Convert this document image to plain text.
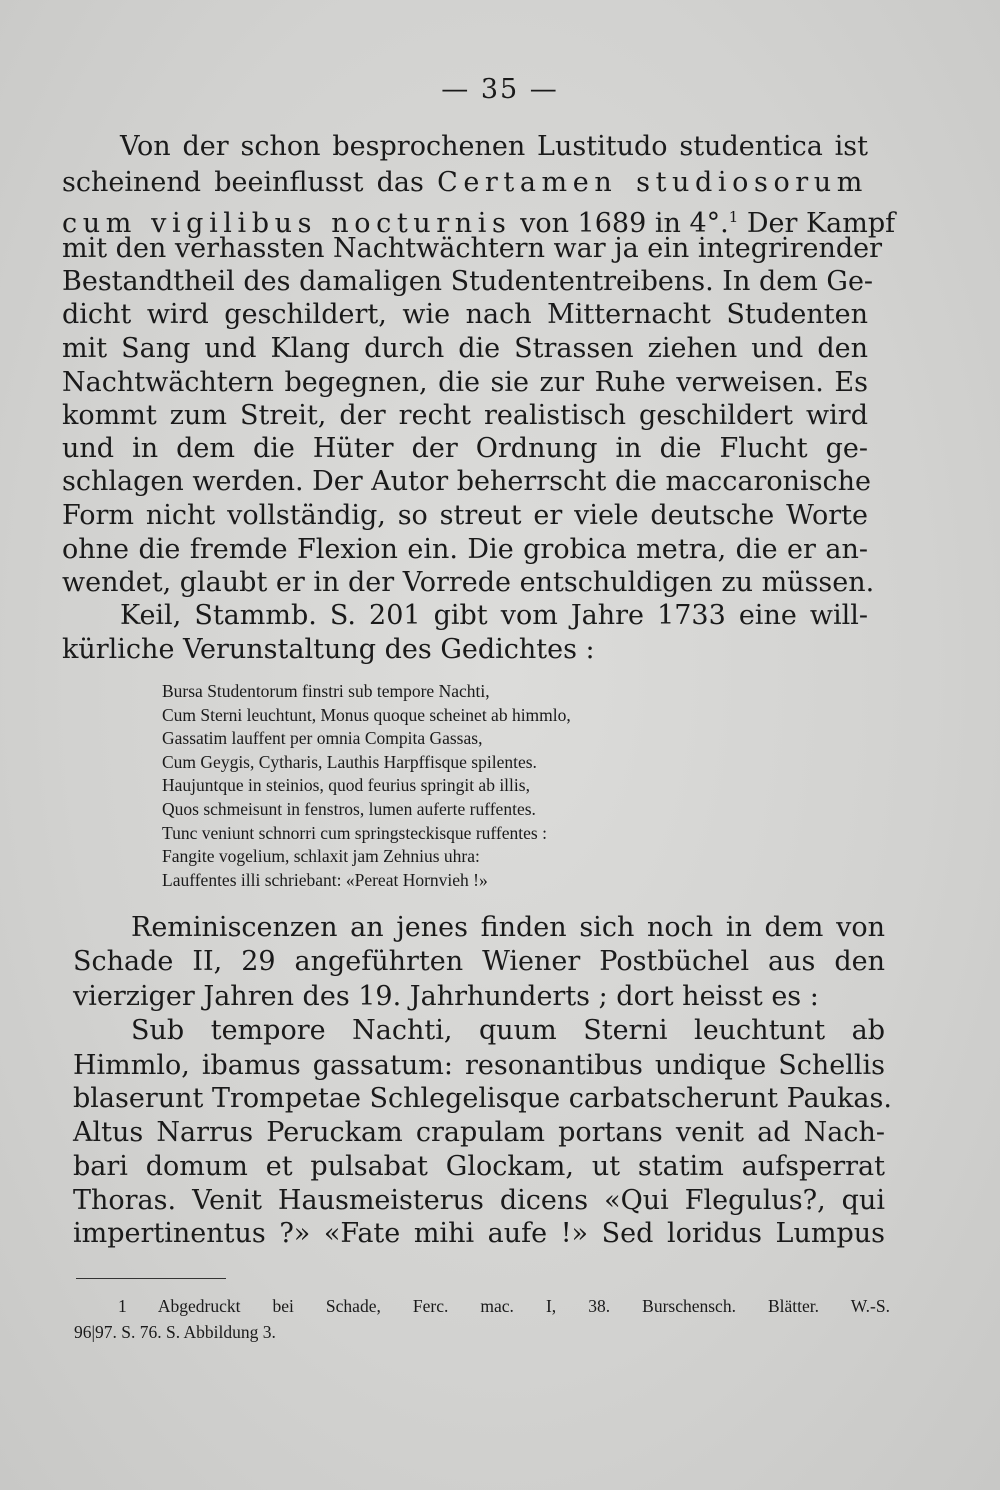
— 35 —
Von der schon besprochenen Lustitudo studentica ist
scheinend beeinflusst das Certamen studiosorum
cum vigilibus nocturnis von 1689 in 4°.$^1$ Der Kampf
mit den verhassten Nachtwächtern war ja ein integrirender
Bestandtheil des damaligen Studententreibens. In dem Ge-
dicht wird geschildert, wie nach Mitternacht Studenten
mit Sang und Klang durch die Strassen ziehen und den
Nachtwächtern begegnen, die sie zur Ruhe verweisen. Es
kommt zum Streit, der recht realistisch geschildert wird
und in dem die Hüter der Ordnung in die Flucht ge-
schlagen werden. Der Autor beherrscht die maccaronische
Form nicht vollständig, so streut er viele deutsche Worte
ohne die fremde Flexion ein. Die grobica metra, die er an-
wendet, glaubt er in der Vorrede entschuldigen zu müssen.
Keil, Stammb. S. 201 gibt vom Jahre 1733 eine will-
kürliche Verunstaltung des Gedichtes :
Bursa Studentorum finstri sub tempore Nachti,
Cum Sterni leuchtunt, Monus quoque scheinet ab himmlo,
Gassatim lauffent per omnia Compita Gassas,
Cum Geygis, Cytharis, Lauthis Harpffisque spilentes.
Haujuntque in steinios, quod feurius springit ab illis,
Quos schmeisunt in fenstros, lumen auferte ruffentes.
Tunc veniunt schnorri cum springsteckisque ruffentes :
Fangite vogelium, schlaxit jam Zehnius uhra:
Lauffentes illi schriebant: «Pereat Hornvieh !»
Reminiscenzen an jenes finden sich noch in dem von
Schade II, 29 angeführten Wiener Postbüchel aus den
vierziger Jahren des 19. Jahrhunderts ; dort heisst es :
Sub tempore Nachti, quum Sterni leuchtunt ab
Himmlo, ibamus gassatum: resonantibus undique Schellis
blaserunt Trompetae Schlegelisque carbatscherunt Paukas.
Altus Narrus Peruckam crapulam portans venit ad Nach-
bari domum et pulsabat Glockam, ut statim aufsperrat
Thoras. Venit Hausmeisterus dicens «Qui Flegulus?, qui
impertinentus ?» «Fate mihi aufe !» Sed loridus Lumpus
1 Abgedruckt bei Schade, Ferc. mac. I, 38. Burschensch. Blätter. W.-S.
96|97. S. 76. S. Abbildung 3.
